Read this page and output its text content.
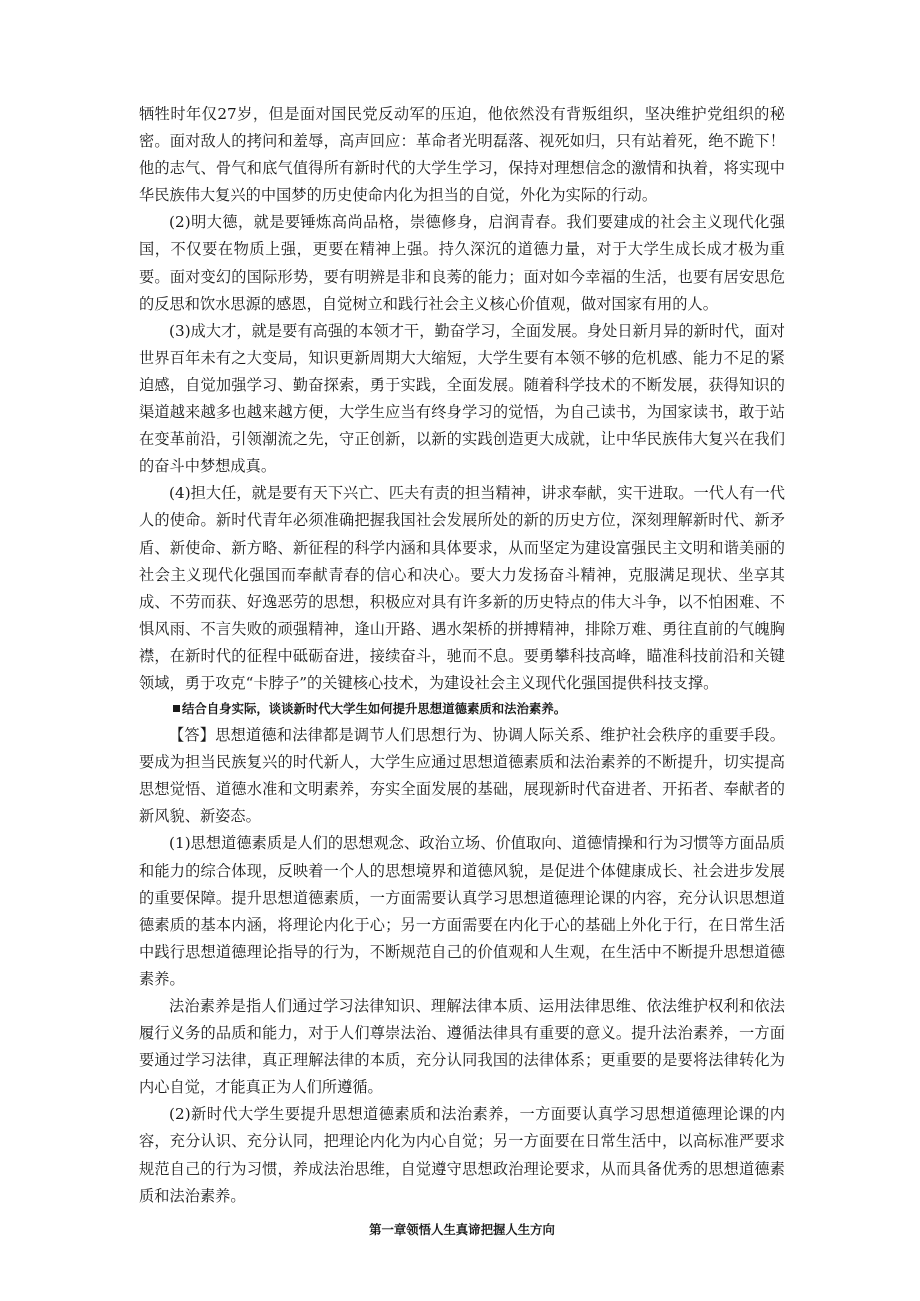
牺牲时年仅27岁，但是面对国民党反动军的压迫，他依然没有背叛组织，坚决维护党组织的秘密。面对敌人的拷问和羞辱，高声回应：革命者光明磊落、视死如归，只有站着死，绝不跪下！他的志气、骨气和底气值得所有新时代的大学生学习，保持对理想信念的激情和执着，将实现中华民族伟大复兴的中国梦的历史使命内化为担当的自觉，外化为实际的行动。

(2)明大德，就是要锤炼高尚品格，崇德修身，启润青春。我们要建成的社会主义现代化强国，不仅要在物质上强，更要在精神上强。持久深沉的道德力量，对于大学生成长成才极为重要。面对变幻的国际形势，要有明辨是非和良莠的能力；面对如今幸福的生活，也要有居安思危的反思和饮水思源的感恩，自觉树立和践行社会主义核心价值观，做对国家有用的人。

(3)成大才，就是要有高强的本领才干，勤奋学习，全面发展。身处日新月异的新时代，面对世界百年未有之大变局，知识更新周期大大缩短，大学生要有本领不够的危机感、能力不足的紧迫感，自觉加强学习、勤奋探索，勇于实践，全面发展。随着科学技术的不断发展，获得知识的渠道越来越多也越来越方便，大学生应当有终身学习的觉悟，为自己读书，为国家读书，敢于站在变革前沿，引领潮流之先，守正创新，以新的实践创造更大成就，让中华民族伟大复兴在我们的奋斗中梦想成真。

(4)担大任，就是要有天下兴亡、匹夫有责的担当精神，讲求奉献，实干进取。一代人有一代人的使命。新时代青年必须准确把握我国社会发展所处的新的历史方位，深刻理解新时代、新矛盾、新使命、新方略、新征程的科学内涵和具体要求，从而坚定为建设富强民主文明和谐美丽的社会主义现代化强国而奉献青春的信心和决心。要大力发扬奋斗精神，克服满足现状、坐享其成、不劳而获、好逸恶劳的思想，积极应对具有许多新的历史特点的伟大斗争，以不怕困难、不惧风雨、不言失败的顽强精神，逢山开路、遇水架桥的拼搏精神，排除万难、勇往直前的气魄胸襟，在新时代的征程中砥砺奋进，接续奋斗，驰而不息。要勇攀科技高峰，瞄准科技前沿和关键领域，勇于攻克“卡脖子”的关键核心技术，为建设社会主义现代化强国提供科技支撑。

结合自身实际，谈谈新时代大学生如何提升思想道德素质和法治素养。

【答】思想道德和法律都是调节人们思想行为、协调人际关系、维护社会秩序的重要手段。要成为担当民族复兴的时代新人，大学生应通过思想道德素质和法治素养的不断提升，切实提高思想觉悟、道德水准和文明素养，夯实全面发展的基础，展现新时代奋进者、开拓者、奉献者的新风貌、新姿态。

(1)思想道德素质是人们的思想观念、政治立场、价值取向、道德情操和行为习惯等方面品质和能力的综合体现，反映着一个人的思想境界和道德风貌，是促进个体健康成长、社会进步发展的重要保障。提升思想道德素质，一方面需要认真学习思想道德理论课的内容，充分认识思想道德素质的基本内涵，将理论内化于心；另一方面需要在内化于心的基础上外化于行，在日常生活中践行思想道德理论指导的行为，不断规范自己的价值观和人生观，在生活中不断提升思想道德素养。

法治素养是指人们通过学习法律知识、理解法律本质、运用法律思维、依法维护权利和依法履行义务的品质和能力，对于人们尊崇法治、遵循法律具有重要的意义。提升法治素养，一方面要通过学习法律，真正理解法律的本质，充分认同我国的法律体系；更重要的是要将法律转化为内心自觉，才能真正为人们所遵循。

(2)新时代大学生要提升思想道德素质和法治素养，一方面要认真学习思想道德理论课的内容，充分认识、充分认同，把理论内化为内心自觉；另一方面要在日常生活中，以高标准严要求规范自己的行为习惯，养成法治思维，自觉遵守思想政治理论要求，从而具备优秀的思想道德素质和法治素养。

第一章领悟人生真谛把握人生方向
